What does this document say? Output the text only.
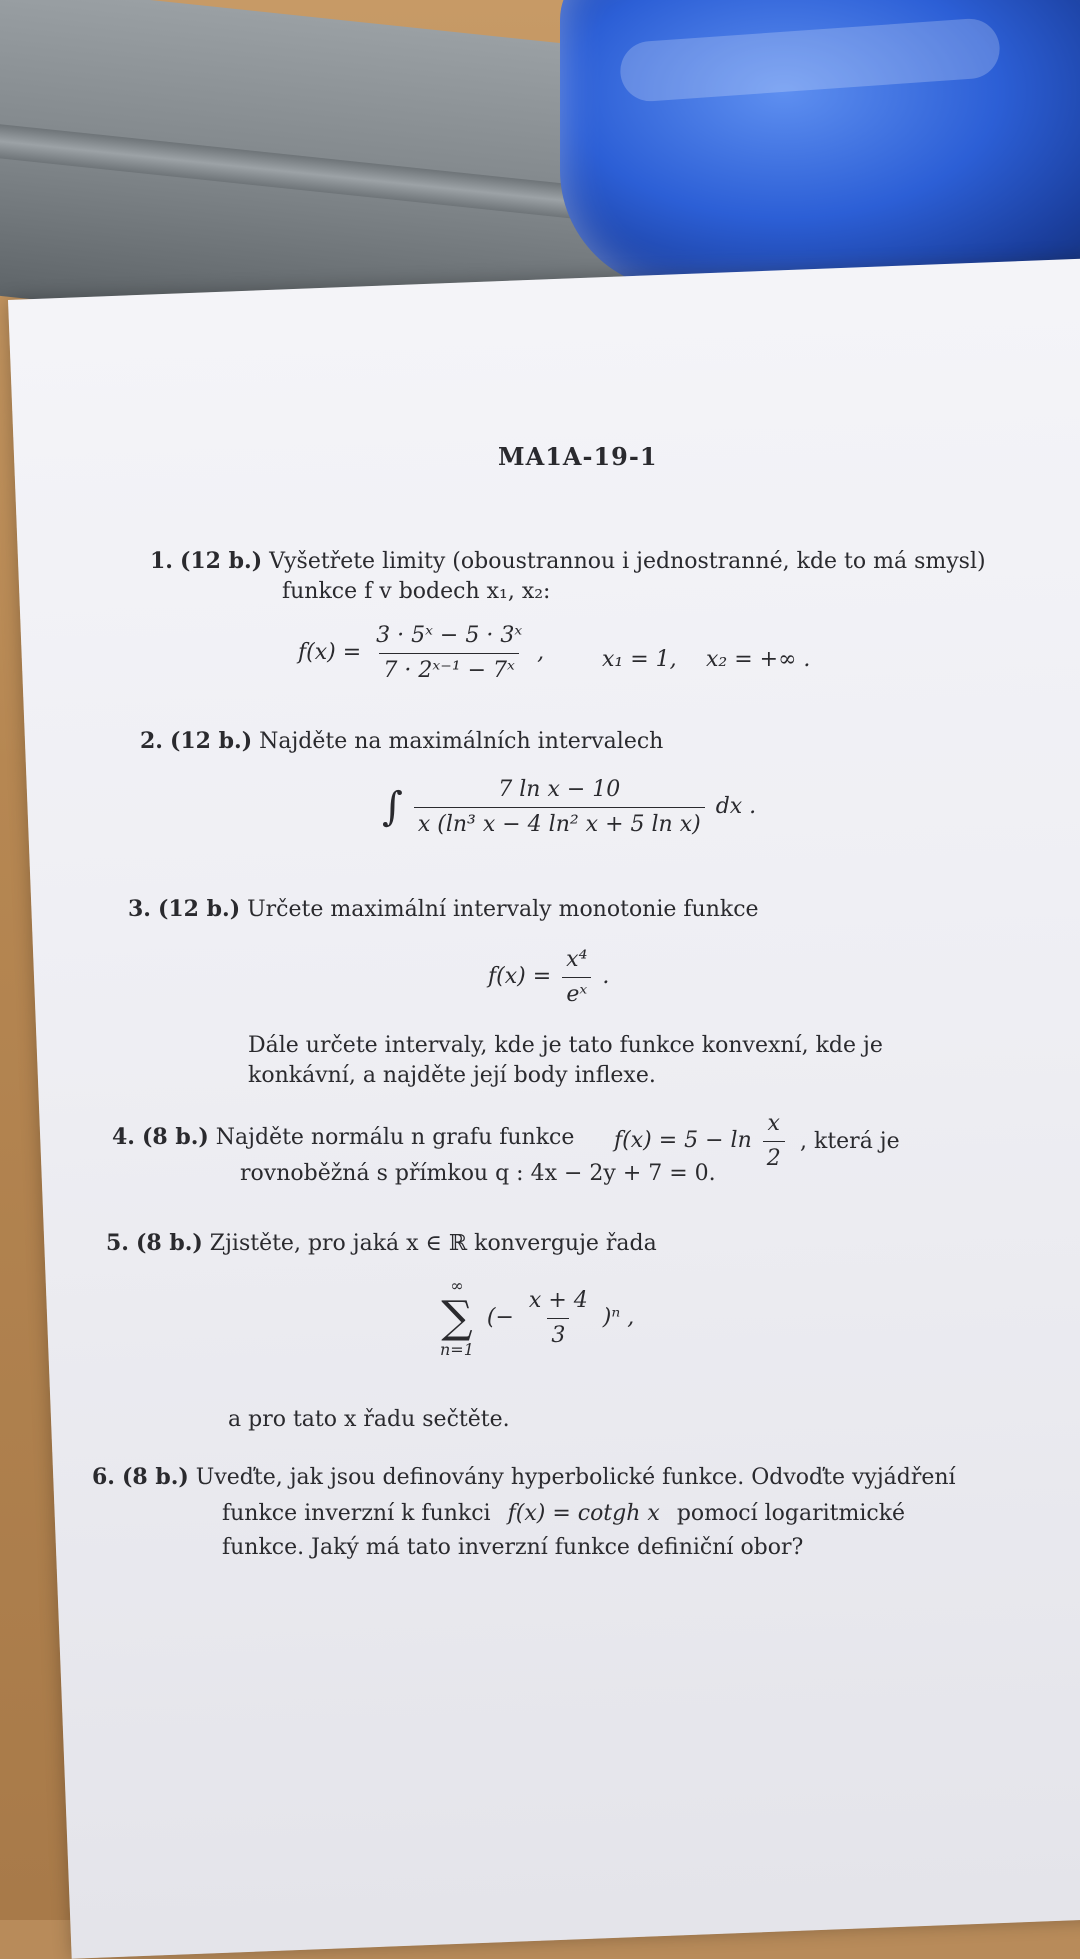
MA1A-19-1
1. (12 b.) Vyšetřete limity (oboustrannou i jednostranné, kde to má smysl)
funkce f v bodech x₁, x₂:
$f(x) = \frac{\text{3 · 5ˣ − 5 · 3ˣ}}{\text{7 · 2ˣ⁻¹ − 7ˣ}}$ ,	x₁ = 1, x₂ = +∞ .
2. (12 b.) Najděte na maximálních intervalech
∫ $\frac{\text{7 ln x − 10}}{\text{x (ln³ x − 4 ln² x + 5 ln x)}}$ dx .
3. (12 b.) Určete maximální intervaly monotonie funkce
$f(x) = \frac{\text{x⁴}}{\text{eˣ}}$ .
Dále určete intervaly, kde je tato funkce konvexní, kde je
konkávní, a najděte její body inflexe.
4. (8 b.) Najděte normálu n grafu funkce $f(x) = 5 - \ln \frac{x}{2}$ , která je
rovnoběžná s přímkou q : 4x − 2y + 7 = 0.
5. (8 b.) Zjistěte, pro jaká x ∈ ℝ konverguje řada
∞
∑
n=1
(− $\frac{x + 4}{3} )^n$ ,
a pro tato x řadu sečtěte.
6. (8 b.) Uveďte, jak jsou definovány hyperbolické funkce. Odvoďte vyjádření
funkce inverzní k funkci f(x) = cotgh x pomocí logaritmické
funkce. Jaký má tato inverzní funkce definiční obor?
